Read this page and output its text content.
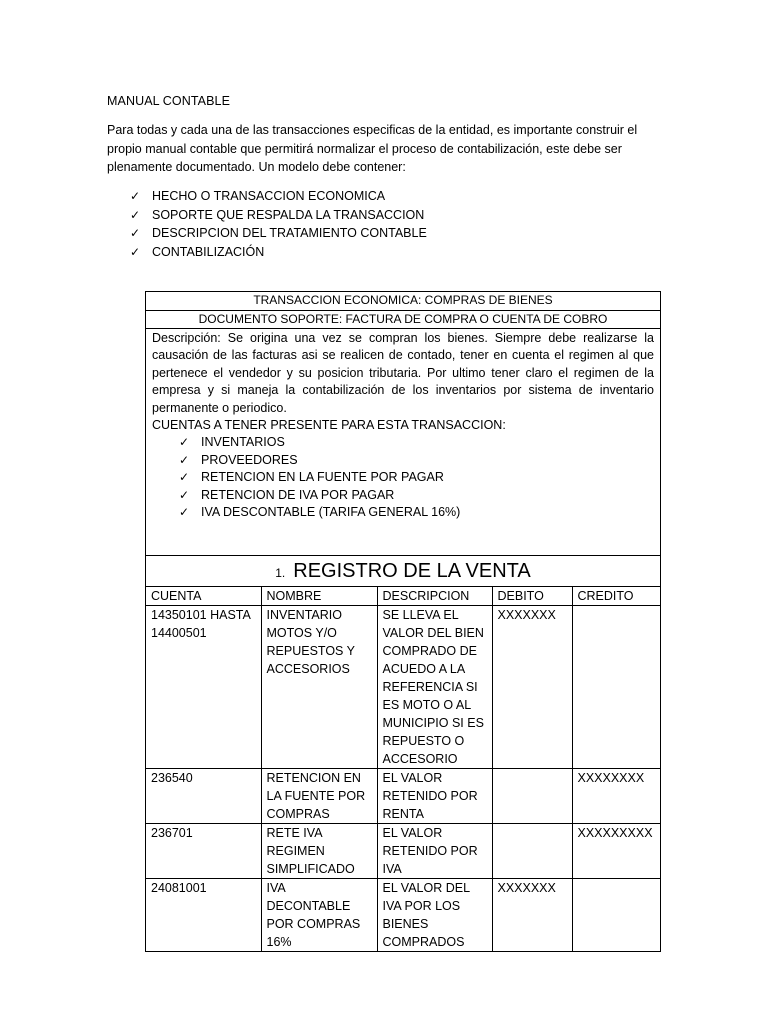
MANUAL CONTABLE

Para todas y cada una de las transacciones especificas de la entidad, es importante construir el propio manual contable que permitirá normalizar el proceso de contabilización, este debe ser plenamente documentado. Un modelo debe contener:

✓ HECHO O TRANSACCION ECONOMICA
✓ SOPORTE QUE RESPALDA LA TRANSACCION
✓ DESCRIPCION DEL TRATAMIENTO CONTABLE
✓ CONTABILIZACIÓN
TRANSACCION ECONOMICA: COMPRAS DE BIENES
DOCUMENTO SOPORTE: FACTURA DE COMPRA O CUENTA DE COBRO

Descripción: Se origina una vez se compran los bienes. Siempre debe realizarse la causación de las facturas asi se realicen de contado, tener en cuenta el regimen al que pertenece el vendedor y su posicion tributaria. Por ultimo tener claro el regimen de la empresa y si maneja la contabilización de los inventarios por sistema de inventario permanente o periodico.

CUENTAS A TENER PRESENTE PARA ESTA TRANSACCION:
✓ INVENTARIOS
✓ PROVEEDORES
✓ RETENCION EN LA FUENTE POR PAGAR
✓ RETENCION DE IVA POR PAGAR
✓ IVA DESCONTABLE (TARIFA GENERAL 16%)
1. REGISTRO DE LA VENTA
CUENTA	NOMBRE	DESCRIPCION	DEBITO	CREDITO
14350101 HASTA 14400501	INVENTARIO MOTOS Y/O REPUESTOS Y ACCESORIOS	SE LLEVA EL VALOR DEL BIEN COMPRADO DE ACUEDO A LA REFERENCIA SI ES MOTO O AL MUNICIPIO SI ES REPUESTO O ACCESORIO	XXXXXXX	
236540	RETENCION EN LA FUENTE POR COMPRAS	EL VALOR RETENIDO POR RENTA		XXXXXXXX
236701	RETE IVA REGIMEN SIMPLIFICADO	EL VALOR RETENIDO POR IVA		XXXXXXXXX
24081001	IVA DECONTABLE POR COMPRAS 16%	EL VALOR DEL IVA POR LOS BIENES COMPRADOS	XXXXXXX	
